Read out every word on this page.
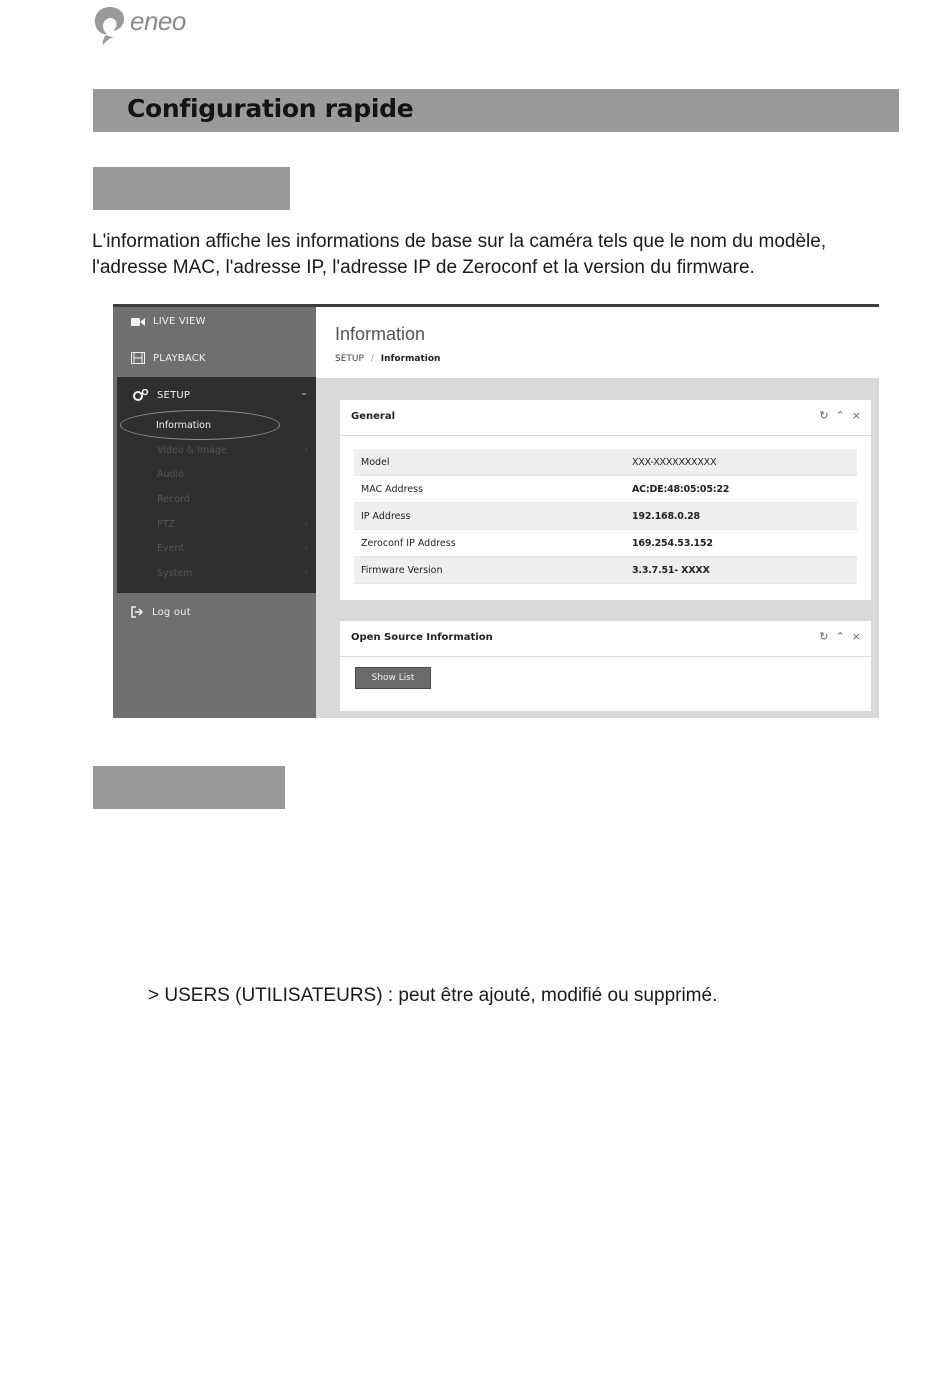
eneo
Configuration rapide
L'information affiche les informations de base sur la caméra tels que le nom du modèle, l'adresse MAC, l'adresse IP, l'adresse IP de Zeroconf et la version du firmware.
LIVE VIEW
PLAYBACK
SETUP	⌄
Information
Video & Image	‹
Audio
Record
PTZ	‹
Event	‹
System	‹
Log out
Information
SETUP / Information
General	↻ ⌃ ×
Model	XXX-XXXXXXXXXX
MAC Address	AC:DE:48:05:05:22
IP Address	192.168.0.28
Zeroconf IP Address	169.254.53.152
Firmware Version	3.3.7.51- XXXX
Open Source Information	↻ ⌃ ×
Show List
> USERS (UTILISATEURS) : peut être ajouté, modifié ou supprimé.
